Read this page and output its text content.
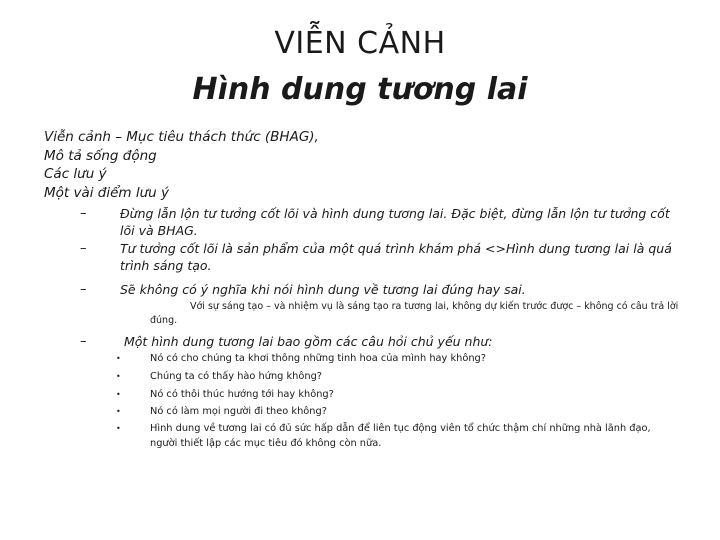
VIỄN CẢNH
Hình dung tương lai
Viễn cảnh – Mục tiêu thách thức (BHAG),
Mô tả sống động
Các lưu ý
Một vài điểm lưu ý
–	Đừng lẫn lộn tư tưởng cốt lõi và hình dung tương lai. Đặc biệt, đừng lẫn lộn tư tưởng cốt lõi và BHAG.
–	Tư tưởng cốt lõi là sản phẩm của một quá trình khám phá <>Hình dung tương lai là quá trình sáng tạo.
–	Sẽ không có ý nghĩa khi nói hình dung về tương lai đúng hay sai.
Với sự sáng tạo – và nhiệm vụ là sáng tạo ra tương lai, không dự kiến trước được – không có câu trả lời đúng.
–	Một hình dung tương lai bao gồm các câu hỏi chủ yếu như:
•	Nó có cho chúng ta khơi thông những tinh hoa của mình hay không?
•	Chúng ta có thấy hào hứng không?
•	Nó có thôi thúc hướng tới hay không?
•	Nó có làm mọi người đi theo không?
•	Hình dung về tương lai có đủ sức hấp dẫn để liên tục động viên tổ chức thậm chí những nhà lãnh đạo, người thiết lập các mục tiêu đó không còn nữa.
